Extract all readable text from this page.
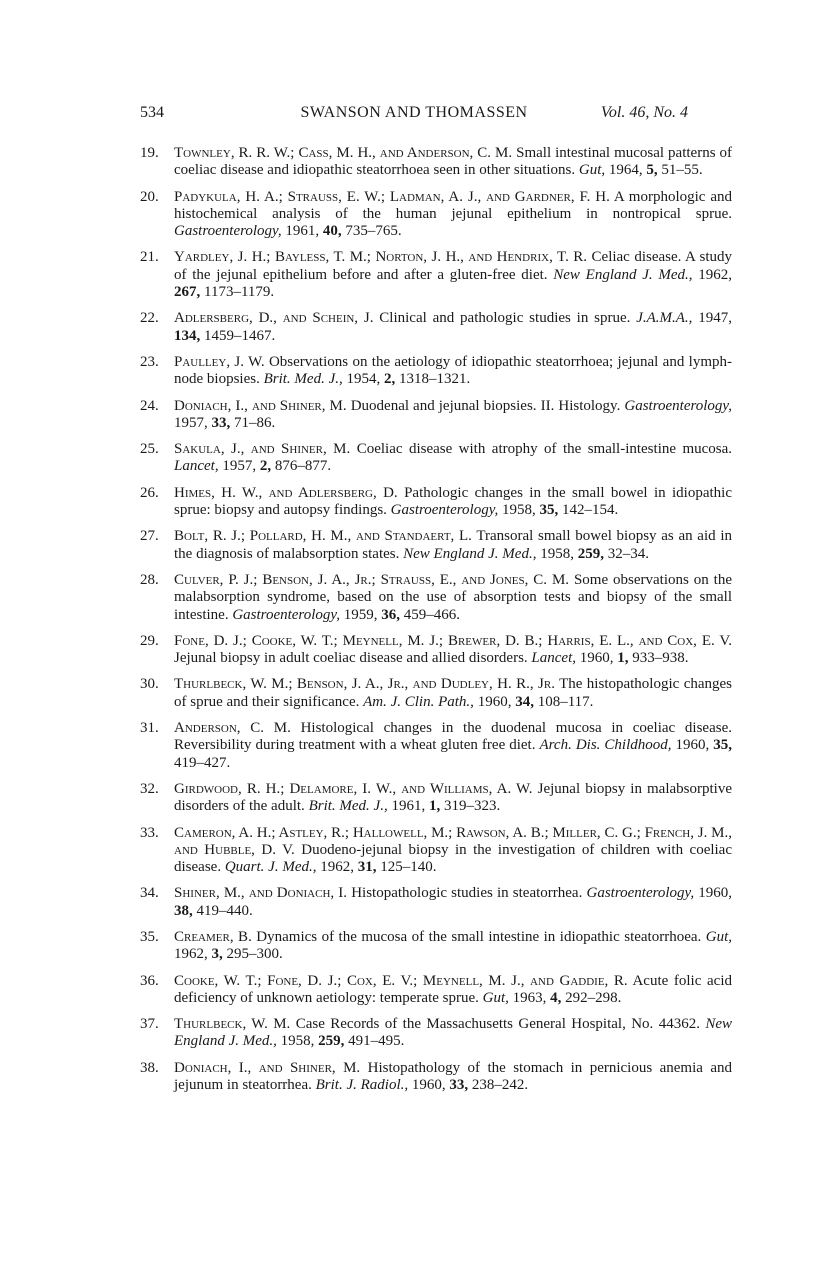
534	SWANSON AND THOMASSEN	Vol. 46, No. 4
19. Townley, R. R. W.; Cass, M. H., and Anderson, C. M. Small intestinal mucosal patterns of coeliac disease and idiopathic steatorrhoea seen in other situations. Gut, 1964, 5, 51–55.
20. Padykula, H. A.; Strauss, E. W.; Ladman, A. J., and Gardner, F. H. A morphologic and histochemical analysis of the human jejunal epithelium in nontropical sprue. Gastroenterology, 1961, 40, 735–765.
21. Yardley, J. H.; Bayless, T. M.; Norton, J. H., and Hendrix, T. R. Celiac disease. A study of the jejunal epithelium before and after a gluten-free diet. New England J. Med., 1962, 267, 1173–1179.
22. Adlersberg, D., and Schein, J. Clinical and pathologic studies in sprue. J.A.M.A., 1947, 134, 1459–1467.
23. Paulley, J. W. Observations on the aetiology of idiopathic steatorrhoea; jejunal and lymph-node biopsies. Brit. Med. J., 1954, 2, 1318–1321.
24. Doniach, I., and Shiner, M. Duodenal and jejunal biopsies. II. Histology. Gastroenterology, 1957, 33, 71–86.
25. Sakula, J., and Shiner, M. Coeliac disease with atrophy of the small-intestine mucosa. Lancet, 1957, 2, 876–877.
26. Himes, H. W., and Adlersberg, D. Pathologic changes in the small bowel in idiopathic sprue: biopsy and autopsy findings. Gastroenterology, 1958, 35, 142–154.
27. Bolt, R. J.; Pollard, H. M., and Standaert, L. Transoral small bowel biopsy as an aid in the diagnosis of malabsorption states. New England J. Med., 1958, 259, 32–34.
28. Culver, P. J.; Benson, J. A., Jr.; Strauss, E., and Jones, C. M. Some observations on the malabsorption syndrome, based on the use of absorption tests and biopsy of the small intestine. Gastroenterology, 1959, 36, 459–466.
29. Fone, D. J.; Cooke, W. T.; Meynell, M. J.; Brewer, D. B.; Harris, E. L., and Cox, E. V. Jejunal biopsy in adult coeliac disease and allied disorders. Lancet, 1960, 1, 933–938.
30. Thurlbeck, W. M.; Benson, J. A., Jr., and Dudley, H. R., Jr. The histopathologic changes of sprue and their significance. Am. J. Clin. Path., 1960, 34, 108–117.
31. Anderson, C. M. Histological changes in the duodenal mucosa in coeliac disease. Reversibility during treatment with a wheat gluten free diet. Arch. Dis. Childhood, 1960, 35, 419–427.
32. Girdwood, R. H.; Delamore, I. W., and Williams, A. W. Jejunal biopsy in malabsorptive disorders of the adult. Brit. Med. J., 1961, 1, 319–323.
33. Cameron, A. H.; Astley, R.; Hallowell, M.; Rawson, A. B.; Miller, C. G.; French, J. M., and Hubble, D. V. Duodeno-jejunal biopsy in the investigation of children with coeliac disease. Quart. J. Med., 1962, 31, 125–140.
34. Shiner, M., and Doniach, I. Histopathologic studies in steatorrhea. Gastroenterology, 1960, 38, 419–440.
35. Creamer, B. Dynamics of the mucosa of the small intestine in idiopathic steatorrhoea. Gut, 1962, 3, 295–300.
36. Cooke, W. T.; Fone, D. J.; Cox, E. V.; Meynell, M. J., and Gaddie, R. Acute folic acid deficiency of unknown aetiology: temperate sprue. Gut, 1963, 4, 292–298.
37. Thurlbeck, W. M. Case Records of the Massachusetts General Hospital, No. 44362. New England J. Med., 1958, 259, 491–495.
38. Doniach, I., and Shiner, M. Histopathology of the stomach in pernicious anemia and jejunum in steatorrhea. Brit. J. Radiol., 1960, 33, 238–242.
